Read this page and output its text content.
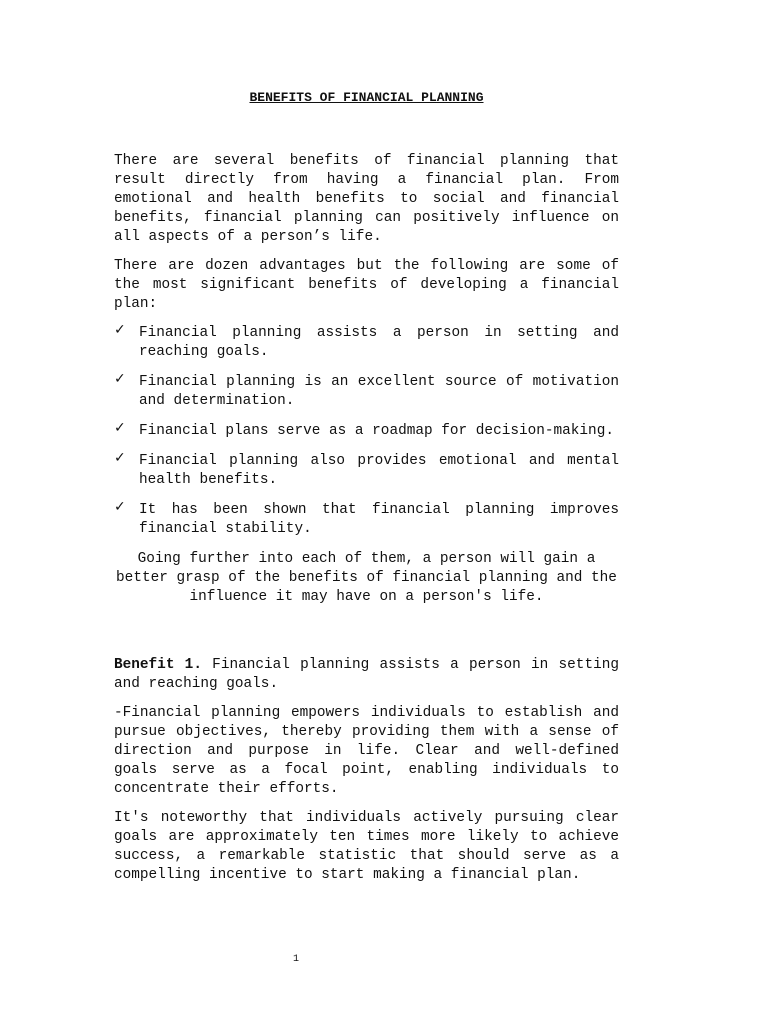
BENEFITS OF FINANCIAL PLANNING

There are several benefits of financial planning that result directly from having a financial plan. From emotional and health benefits to social and financial benefits, financial planning can positively influence on all aspects of a person’s life.

There are dozen advantages but the following are some of the most significant benefits of developing a financial plan:

✓ Financial planning assists a person in setting and reaching goals.
✓ Financial planning is an excellent source of motivation and determination.
✓ Financial plans serve as a roadmap for decision-making.
✓ Financial planning also provides emotional and mental health benefits.
✓ It has been shown that financial planning improves financial stability.

Going further into each of them, a person will gain a better grasp of the benefits of financial planning and the influence it may have on a person's life.

Benefit 1. Financial planning assists a person in setting and reaching goals.

-Financial planning empowers individuals to establish and pursue objectives, thereby providing them with a sense of direction and purpose in life. Clear and well-defined goals serve as a focal point, enabling individuals to concentrate their efforts.

It's noteworthy that individuals actively pursuing clear goals are approximately ten times more likely to achieve success, a remarkable statistic that should serve as a compelling incentive to start making a financial plan.

1
